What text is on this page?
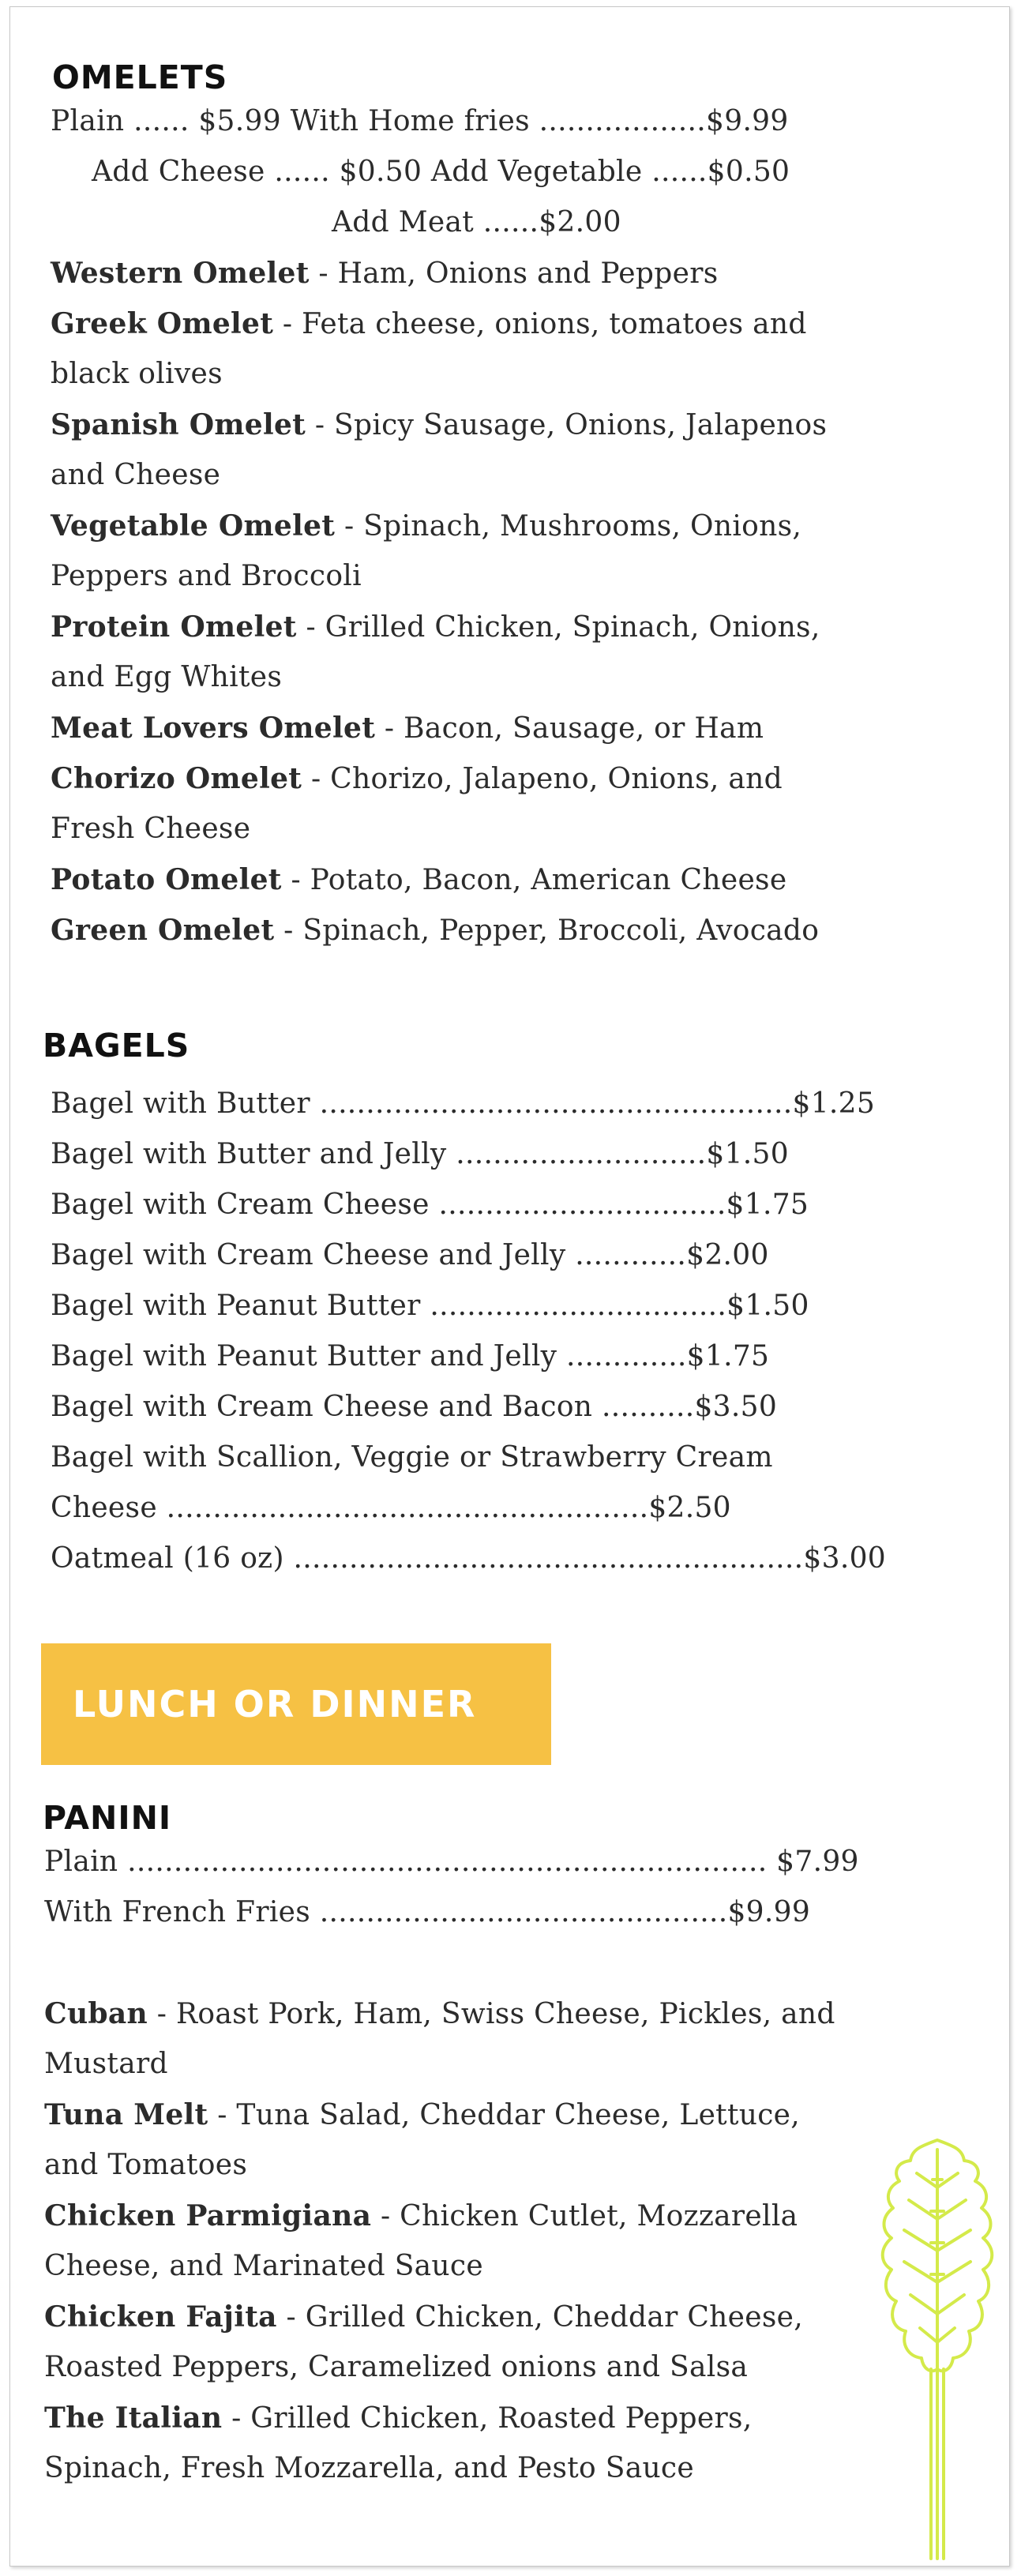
OMELETS
Plain ...... $5.99 With Home fries ..................$9.99
Add Cheese ...... $0.50 Add Vegetable ......$0.50
Add Meat ......$2.00
Western Omelet - Ham, Onions and Peppers
Greek Omelet - Feta cheese, onions, tomatoes and
black olives
Spanish Omelet - Spicy Sausage, Onions, Jalapenos
and Cheese
Vegetable Omelet - Spinach, Mushrooms, Onions,
Peppers and Broccoli
Protein Omelet - Grilled Chicken, Spinach, Onions,
and Egg Whites
Meat Lovers Omelet - Bacon, Sausage, or Ham
Chorizo Omelet - Chorizo, Jalapeno, Onions, and
Fresh Cheese
Potato Omelet - Potato, Bacon, American Cheese
Green Omelet - Spinach, Pepper, Broccoli, Avocado
BAGELS
Bagel with Butter ...................................................$1.25
Bagel with Butter and Jelly ...........................$1.50
Bagel with Cream Cheese ...............................$1.75
Bagel with Cream Cheese and Jelly ............$2.00
Bagel with Peanut Butter ................................$1.50
Bagel with Peanut Butter and Jelly .............$1.75
Bagel with Cream Cheese and Bacon ..........$3.50
Bagel with Scallion, Veggie or Strawberry Cream
Cheese ....................................................$2.50
Oatmeal (16 oz) .......................................................$3.00
LUNCH OR DINNER
PANINI
Plain ..................................................................... $7.99
With French Fries ............................................$9.99
Cuban - Roast Pork, Ham, Swiss Cheese, Pickles, and
Mustard
Tuna Melt - Tuna Salad, Cheddar Cheese, Lettuce,
and Tomatoes
Chicken Parmigiana - Chicken Cutlet, Mozzarella
Cheese, and Marinated Sauce
Chicken Fajita - Grilled Chicken, Cheddar Cheese,
Roasted Peppers, Caramelized onions and Salsa
The Italian - Grilled Chicken, Roasted Peppers,
Spinach, Fresh Mozzarella, and Pesto Sauce
